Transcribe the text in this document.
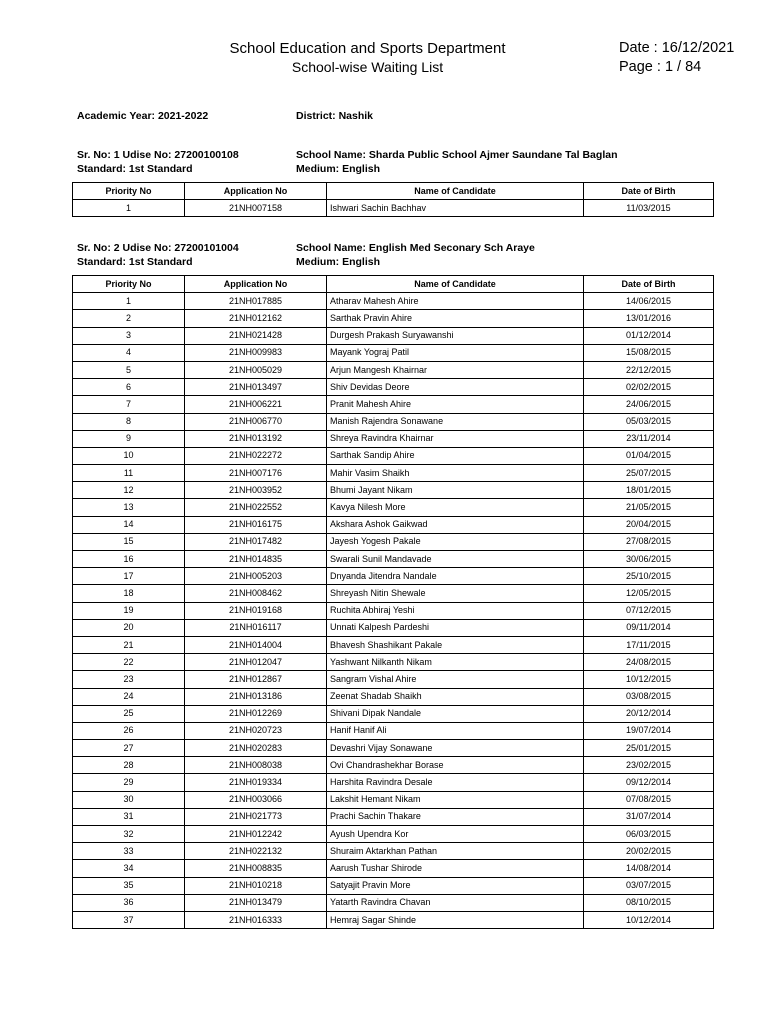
School Education and Sports Department
School-wise Waiting List
Date : 16/12/2021
Page : 1 / 84
Academic Year: 2021-2022	District: Nashik
Sr. No: 1 Udise No: 27200100108
Standard: 1st Standard
School Name: Sharda Public School Ajmer Saundane Tal Baglan
Medium: English
Priority No	Application No	Name of Candidate	Date of Birth
1	21NH007158	Ishwari Sachin Bachhav	11/03/2015
Sr. No: 2 Udise No: 27200101004
Standard: 1st Standard
School Name: English Med Seconary Sch Araye
Medium: English
Priority No	Application No	Name of Candidate	Date of Birth
1	21NH017885	Atharav Mahesh Ahire	14/06/2015
2	21NH012162	Sarthak Pravin Ahire	13/01/2016
3	21NH021428	Durgesh Prakash Suryawanshi	01/12/2014
4	21NH009983	Mayank Yograj Patil	15/08/2015
5	21NH005029	Arjun Mangesh Khairnar	22/12/2015
6	21NH013497	Shiv Devidas Deore	02/02/2015
7	21NH006221	Pranit Mahesh Ahire	24/06/2015
8	21NH006770	Manish Rajendra Sonawane	05/03/2015
9	21NH013192	Shreya Ravindra Khairnar	23/11/2014
10	21NH022272	Sarthak Sandip Ahire	01/04/2015
11	21NH007176	Mahir Vasim Shaikh	25/07/2015
12	21NH003952	Bhumi Jayant Nikam	18/01/2015
13	21NH022552	Kavya Nilesh More	21/05/2015
14	21NH016175	Akshara Ashok Gaikwad	20/04/2015
15	21NH017482	Jayesh Yogesh Pakale	27/08/2015
16	21NH014835	Swarali Sunil Mandavade	30/06/2015
17	21NH005203	Dnyanda Jitendra Nandale	25/10/2015
18	21NH008462	Shreyash Nitin Shewale	12/05/2015
19	21NH019168	Ruchita Abhiraj Yeshi	07/12/2015
20	21NH016117	Unnati Kalpesh Pardeshi	09/11/2014
21	21NH014004	Bhavesh Shashikant Pakale	17/11/2015
22	21NH012047	Yashwant Nilkanth Nikam	24/08/2015
23	21NH012867	Sangram Vishal Ahire	10/12/2015
24	21NH013186	Zeenat Shadab Shaikh	03/08/2015
25	21NH012269	Shivani Dipak Nandale	20/12/2014
26	21NH020723	Hanif Hanif Ali	19/07/2014
27	21NH020283	Devashri Vijay Sonawane	25/01/2015
28	21NH008038	Ovi Chandrashekhar Borase	23/02/2015
29	21NH019334	Harshita Ravindra Desale	09/12/2014
30	21NH003066	Lakshit Hemant Nikam	07/08/2015
31	21NH021773	Prachi Sachin Thakare	31/07/2014
32	21NH012242	Ayush Upendra Kor	06/03/2015
33	21NH022132	Shuraim Aktarkhan Pathan	20/02/2015
34	21NH008835	Aarush Tushar Shirode	14/08/2014
35	21NH010218	Satyajit Pravin More	03/07/2015
36	21NH013479	Yatarth Ravindra Chavan	08/10/2015
37	21NH016333	Hemraj Sagar Shinde	10/12/2014
